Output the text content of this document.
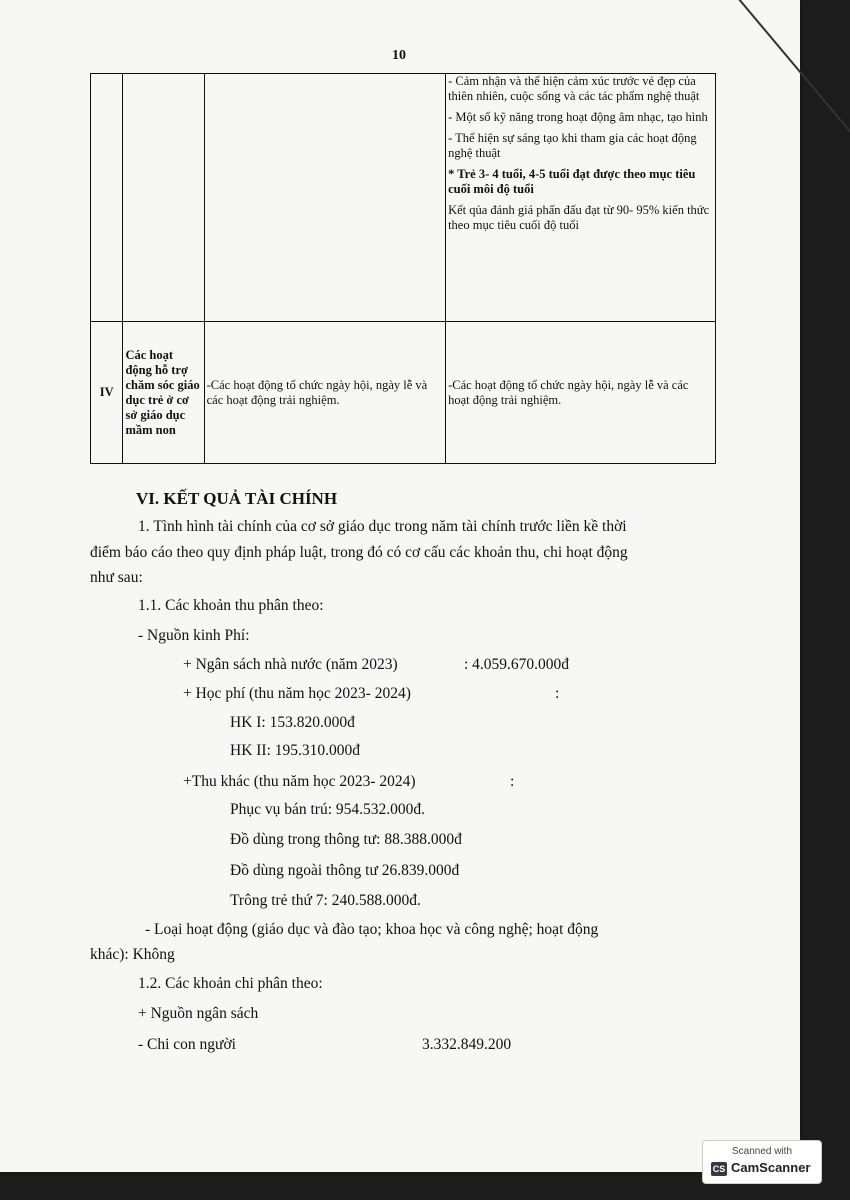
10

			- Cảm nhận và thể hiện cảm xúc trước vẻ đẹp của thiên nhiên, cuộc sống và các tác phẩm nghệ thuật

- Một số kỹ năng trong hoạt động âm nhạc, tạo hình

- Thể hiện sự sáng tạo khi tham gia các hoạt động nghệ thuật

* Trẻ 3- 4 tuổi, 4-5 tuổi đạt được theo mục tiêu cuối môi độ tuổi

Kết qủa đánh giá phấn đấu đạt từ 90- 95% kiến thức theo mục tiêu cuối độ tuổi

IV	Các hoạt động hỗ trợ chăm sóc giáo dục trẻ ở cơ sở giáo dục mầm non	-Các hoạt động tổ chức ngày hội, ngày lễ và các hoạt động trải nghiệm.	-Các hoạt động tổ chức ngày hội, ngày lễ và các hoạt động trải nghiệm.
VI. KẾT QUẢ TÀI CHÍNH
1. Tình hình tài chính của cơ sở giáo dục trong năm tài chính trước liền kề thời
điểm báo cáo theo quy định pháp luật, trong đó có cơ cấu các khoản thu, chi hoạt động
như sau:
1.1. Các khoản thu phân theo:
- Nguồn kinh Phí:
+ Ngân sách nhà nước (năm 2023)	: 4.059.670.000đ
+ Học phí (thu năm học 2023- 2024)	:
HK I: 153.820.000đ
HK II: 195.310.000đ
+Thu khác (thu năm học 2023- 2024)	:
Phục vụ bán trú: 954.532.000đ.
Đồ dùng trong thông tư: 88.388.000đ
Đồ dùng ngoài thông tư 26.839.000đ
Trông trẻ thứ 7: 240.588.000đ.
- Loại hoạt động (giáo dục và đào tạo; khoa học và công nghệ; hoạt động
khác): Không
1.2. Các khoản chi phân theo:
+ Nguồn ngân sách
- Chi con người	3.332.849.200
Scanned with
CS CamScanner
